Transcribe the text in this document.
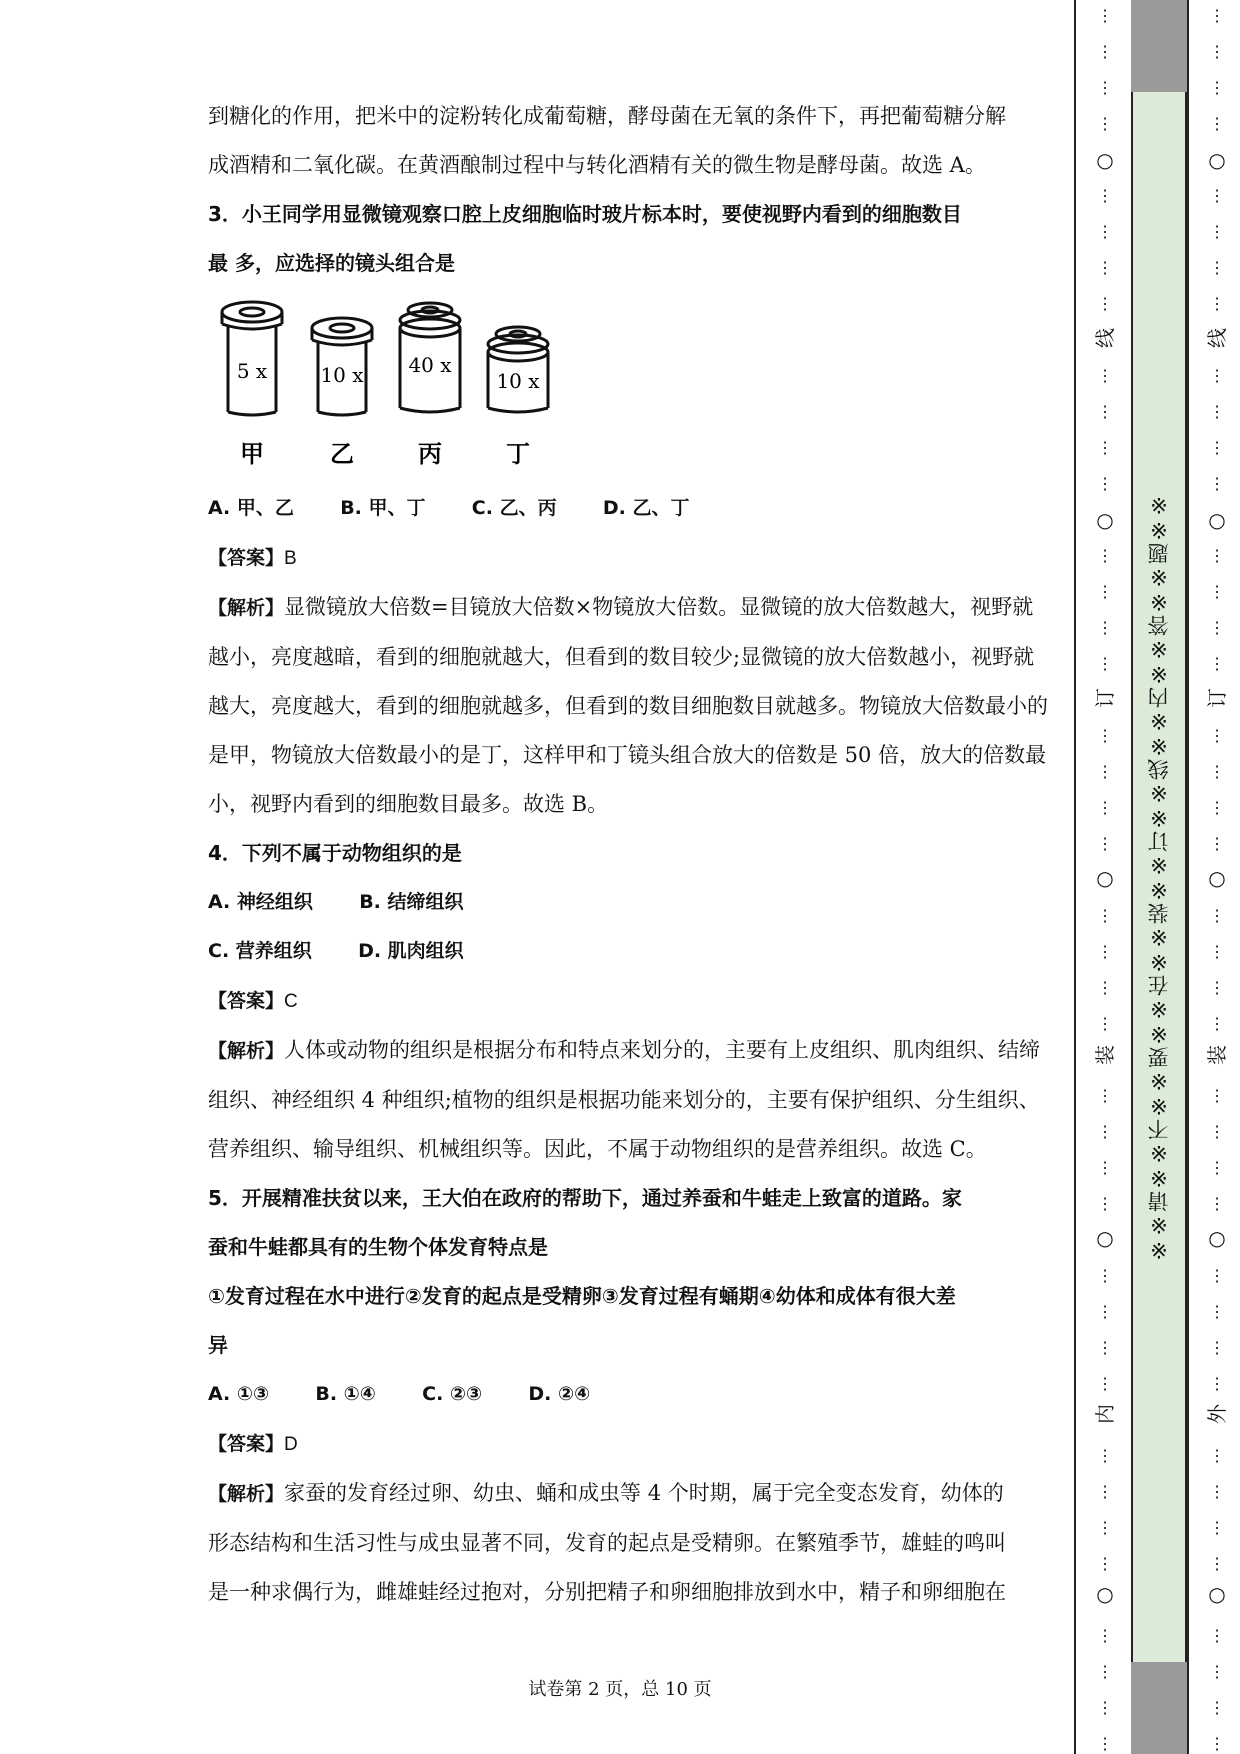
到糖化的作用，把米中的淀粉转化成葡萄糖，酵母菌在无氧的条件下，再把葡萄糖分解

成酒精和二氧化碳。在黄酒酿制过程中与转化酒精有关的微生物是酵母菌。故选 A。

3．小王同学用显微镜观察口腔上皮细胞临时玻片标本时，要使视野内看到的细胞数目

最 多，应选择的镜头组合是

5 x
甲
10 x
乙
40 x
丙
10 x
丁

A. 甲、乙       B. 甲、丁       C. 乙、丙       D. 乙、丁

【答案】B

【解析】显微镜放大倍数=目镜放大倍数×物镜放大倍数。显微镜的放大倍数越大，视野就越小，亮度越暗，看到的细胞就越大，但看到的数目较少;显微镜的放大倍数越小，视野就越大，亮度越大，看到的细胞就越多，但看到的数目细胞数目就越多。物镜放大倍数最小的是甲，物镜放大倍数最小的是丁，这样甲和丁镜头组合放大的倍数是 50 倍，放大的倍数最小，视野内看到的细胞数目最多。故选 B。

4．下列不属于动物组织的是

A. 神经组织       B. 结缔组织

C. 营养组织       D. 肌肉组织

【答案】C

【解析】人体或动物的组织是根据分布和特点来划分的，主要有上皮组织、肌肉组织、结缔组织、神经组织 4 种组织;植物的组织是根据功能来划分的，主要有保护组织、分生组织、营养组织、输导组织、机械组织等。因此，不属于动物组织的是营养组织。故选 C。

5．开展精准扶贫以来，王大伯在政府的帮助下，通过养蚕和牛蛙走上致富的道路。家

蚕和牛蛙都具有的生物个体发育特点是

①发育过程在水中进行②发育的起点是受精卵③发育过程有蛹期④幼体和成体有很大差

异

A. ①③       B. ①④       C. ②③       D. ②④

【答案】D

【解析】家蚕的发育经过卵、幼虫、蛹和成虫等 4 个时期，属于完全变态发育，幼体的

形态结构和生活习性与成虫显著不同，发育的起点是受精卵。在繁殖季节，雄蛙的鸣叫

是一种求偶行为，雌雄蛙经过抱对，分别把精子和卵细胞排放到水中，精子和卵细胞在

试卷第 2 页，总 10 页
※※请※※不※※要※※在※※装※※订※※线※※内※※答※※题※※
⋮
⋮
⋮
⋮
⋮
⋮
⋮
⋮
⋮
⋮
⋮
⋮
⋮
⋮
⋮
⋮
⋮
⋮
⋮
⋮
⋮
⋮
⋮
⋮
⋮
⋮
⋮
⋮
⋮
⋮
⋮
⋮
⋮
⋮
⋮
⋮
⋮
⋮
⋮
⋮
○
○
○
○
○
线
订
装
内
⋮
⋮
⋮
⋮
⋮
⋮
⋮
⋮
⋮
⋮
⋮
⋮
⋮
⋮
⋮
⋮
⋮
⋮
⋮
⋮
⋮
⋮
⋮
⋮
⋮
⋮
⋮
⋮
⋮
⋮
⋮
⋮
⋮
⋮
⋮
⋮
⋮
⋮
⋮
⋮
○
○
○
○
○
线
订
装
外
